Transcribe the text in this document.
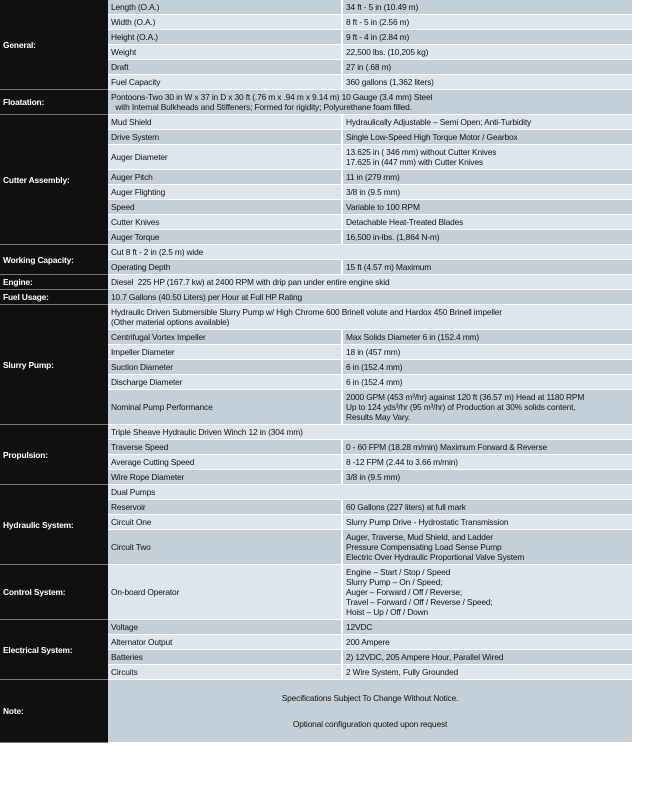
General:	Length (O.A.)	34 ft - 5 in (10.49 m)

	Width (O.A.)	8 ft - 5 in (2.56 m)

	Height (O.A.)	9 ft - 4 in (2.84 m)

	Weight	22,500 lbs. (10,205 kg)

	Draft	27 in (.68 m)

	Fuel Capacity	360 gallons (1,362 liters)

Floatation:	Pontoons-Two 30 in W x 37 in D x 30 ft (.76 m x .94 m x 9.14 m) 10 Gauge (3.4 mm) Steel
with Internal Bulkheads and Stiffeners; Formed for rigidity; Polyurethane foam filled.	

Cutter Assembly:	Mud Shield	Hydraulically Adjustable – Semi Open; Anti-Turbidity

	Drive System	Single Low-Speed High Torque Motor / Gearbox

	Auger Diameter	13.625 in ( 346 mm) without Cutter Knives
17.625 in (447 mm) with Cutter Knives

	Auger Pitch	11 in (279 mm)

	Auger Flighting	3/8 in (9.5 mm)

	Speed	Variable to 100 RPM

	Cutter Knives	Detachable Heat-Treated Blades

	Auger Torque	16,500 in-lbs. (1,864 N-m)

Working Capacity:	Cut 8 ft - 2 in (2.5 m) wide	

	Operating Depth	15 ft (4.57 m) Maximum

Engine:	Diesel  225 HP (167.7 kw) at 2400 RPM with drip pan under entire engine skid	

Fuel Usage:	10.7 Gallons (40.50 Liters) per Hour at Full HP Rating	

Slurry Pump:	Hydraulic Driven Submersible Slurry Pump w/ High Chrome 600 Brinell volute and Hardox 450 Brinell impeller
(Other material options available)	

	Centrifugal Vortex Impeller	Max Solids Diameter 6 in (152.4 mm)

	Impeller Diameter	18 in (457 mm)

	Suction Diameter	6 in (152.4 mm)

	Discharge Diameter	6 in (152.4 mm)

	Nominal Pump Performance	2000 GPM (453 m³/hr) against 120 ft (36.57 m) Head at 1180 RPM
Up to 124 yds³/hr (95 m³/hr) of Production at 30% solids content,
Results May Vary.

Propulsion:	Triple Sheave Hydraulic Driven Winch 12 in (304 mm)	

	Traverse Speed	0 - 60 FPM (18.28 m/min) Maximum Forward & Reverse

	Average Cutting Speed	8 -12 FPM (2.44 to 3.66 m/min)

	Wire Rope Diameter	3/8 in (9.5 mm)

Hydraulic System:	Dual Pumps	

	Reservoir	60 Gallons (227 liters) at full mark

	Circuit One	Slurry Pump Drive - Hydrostatic Transmission

	Circuit Two	Auger, Traverse, Mud Shield, and Ladder
Pressure Compensating Load Sense Pump
Electric Over Hydraulic Proportional Valve System

Control System:	On-board Operator	Engine – Start / Stop / Speed
Slurry Pump – On / Speed;
Auger – Forward / Off / Reverse;
Travel – Forward / Off / Reverse / Speed;
Hoist – Up / Off / Down

Electrical System:	Voltage	12VDC

	Alternator Output	200 Ampere

	Batteries	2) 12VDC, 205 Ampere Hour, Parallel Wired

	Circuits	2 Wire System, Fully Grounded

Note:	Specifications Subject To Change Without Notice.
Optional configuration quoted upon request	
